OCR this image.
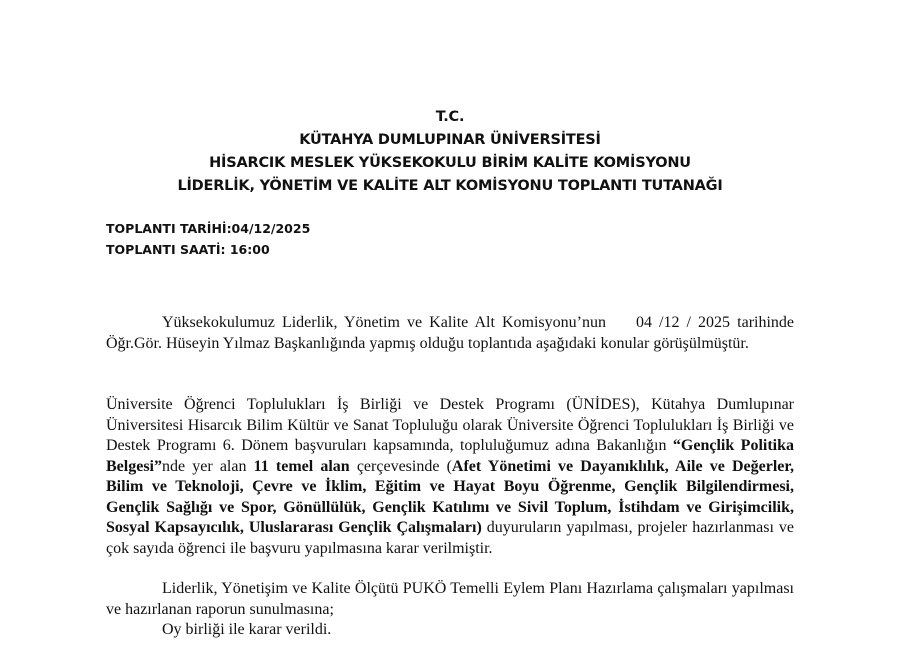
T.C.
KÜTAHYA DUMLUPINAR ÜNİVERSİTESİ
HİSARCIK MESLEK YÜKSEKOKULU BİRİM KALİTE KOMİSYONU
LİDERLİK, YÖNETİM VE KALİTE ALT KOMİSYONU TOPLANTI TUTANAĞI
TOPLANTI TARİHİ:04/12/2025
TOPLANTI SAATİ: 16:00

Yüksekokulumuz Liderlik, Yönetim ve Kalite Alt Komisyonu’nun 04 /12 / 2025 tarihinde Öğr.Gör. Hüseyin Yılmaz Başkanlığında yapmış olduğu toplantıda aşağıdaki konular görüşülmüştür.

Üniversite Öğrenci Toplulukları İş Birliği ve Destek Programı (ÜNİDES), Kütahya Dumlupınar Üniversitesi Hisarcık Bilim Kültür ve Sanat Topluluğu olarak Üniversite Öğrenci Toplulukları İş Birliği ve Destek Programı 6. Dönem başvuruları kapsamında, topluluğumuz adına Bakanlığın “Gençlik Politika Belgesi”nde yer alan 11 temel alan çerçevesinde (Afet Yönetimi ve Dayanıklılık, Aile ve Değerler, Bilim ve Teknoloji, Çevre ve İklim, Eğitim ve Hayat Boyu Öğrenme, Gençlik Bilgilendirmesi, Gençlik Sağlığı ve Spor, Gönüllülük, Gençlik Katılımı ve Sivil Toplum, İstihdam ve Girişimcilik, Sosyal Kapsayıcılık, Uluslararası Gençlik Çalışmaları) duyuruların yapılması, projeler hazırlanması ve çok sayıda öğrenci ile başvuru yapılmasına karar verilmiştir.

Liderlik, Yönetişim ve Kalite Ölçütü PUKÖ Temelli Eylem Planı Hazırlama çalışmaları yapılması ve hazırlanan raporun sunulmasına;

Oy birliği ile karar verildi.
